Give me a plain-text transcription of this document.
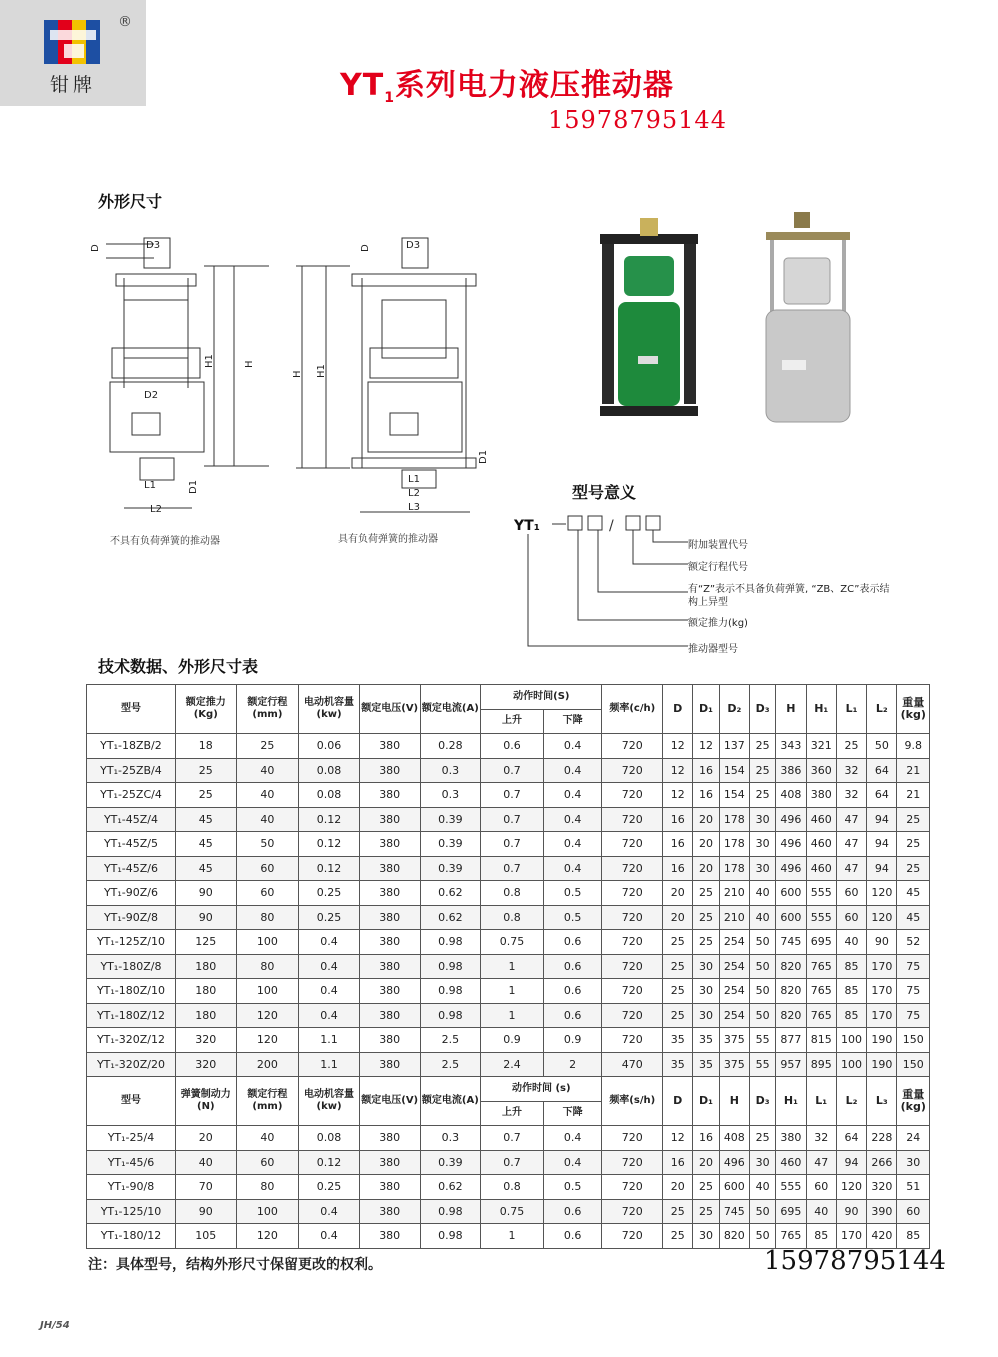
®
钳牌	$YT_1$系列电力液压推动器
15978795144
外形尺寸
D3
D
D2
H1	H
D1
L1
L2
不具有负荷弹簧的推动器
D3
D
H H1
D1
L1
L2
L3
具有负荷弹簧的推动器
型号意义
YT₁	/
附加装置代号
额定行程代号
有“Z”表示不具备负荷弹簧, “ZB、ZC”表示结
构上异型
额定推力(kg)
推动器型号
技术数据、外形尺寸表
型号	额定推力(Kg)	额定行程(mm)	电动机容量(kw)	额定电压(V)	额定电流(A)	动作时间(S)		频率(c/h)	D	D₁	D₂	D₃	H	H₁	L₁	L₂	重量(kg)
						上升	下降										
YT₁-18ZB/2	18	25	0.06	380	0.28	0.6	0.4	720	12	12	137	25	343	321	25	50	9.8
YT₁-25ZB/4	25	40	0.08	380	0.3	0.7	0.4	720	12	16	154	25	386	360	32	64	21
YT₁-25ZC/4	25	40	0.08	380	0.3	0.7	0.4	720	12	16	154	25	408	380	32	64	21
YT₁-45Z/4	45	40	0.12	380	0.39	0.7	0.4	720	16	20	178	30	496	460	47	94	25
YT₁-45Z/5	45	50	0.12	380	0.39	0.7	0.4	720	16	20	178	30	496	460	47	94	25
YT₁-45Z/6	45	60	0.12	380	0.39	0.7	0.4	720	16	20	178	30	496	460	47	94	25
YT₁-90Z/6	90	60	0.25	380	0.62	0.8	0.5	720	20	25	210	40	600	555	60	120	45
YT₁-90Z/8	90	80	0.25	380	0.62	0.8	0.5	720	20	25	210	40	600	555	60	120	45
YT₁-125Z/10	125	100	0.4	380	0.98	0.75	0.6	720	25	25	254	50	745	695	40	90	52
YT₁-180Z/8	180	80	0.4	380	0.98	1	0.6	720	25	30	254	50	820	765	85	170	75
YT₁-180Z/10	180	100	0.4	380	0.98	1	0.6	720	25	30	254	50	820	765	85	170	75
YT₁-180Z/12	180	120	0.4	380	0.98	1	0.6	720	25	30	254	50	820	765	85	170	75
YT₁-320Z/12	320	120	1.1	380	2.5	0.9	0.9	720	35	35	375	55	877	815	100	190	150
YT₁-320Z/20	320	200	1.1	380	2.5	2.4	2	470	35	35	375	55	957	895	100	190	150
型号	弹簧制动力(N)	额定行程(mm)	电动机容量(kw)	额定电压(V)	额定电流(A)	动作时间 (s)		频率(s/h)	D	D₁	H	D₃	H₁	L₁	L₂	L₃	重量(kg)
						上升	下降										
YT₁-25/4	20	40	0.08	380	0.3	0.7	0.4	720	12	16	408	25	380	32	64	228	24
YT₁-45/6	40	60	0.12	380	0.39	0.7	0.4	720	16	20	496	30	460	47	94	266	30
YT₁-90/8	70	80	0.25	380	0.62	0.8	0.5	720	20	25	600	40	555	60	120	320	51
YT₁-125/10	90	100	0.4	380	0.98	0.75	0.6	720	25	25	745	50	695	40	90	390	60
YT₁-180/12	105	120	0.4	380	0.98	1	0.6	720	25	30	820	50	765	85	170	420	85
注：具体型号，结构外形尺寸保留更改的权利。	15978795144
JH/54
